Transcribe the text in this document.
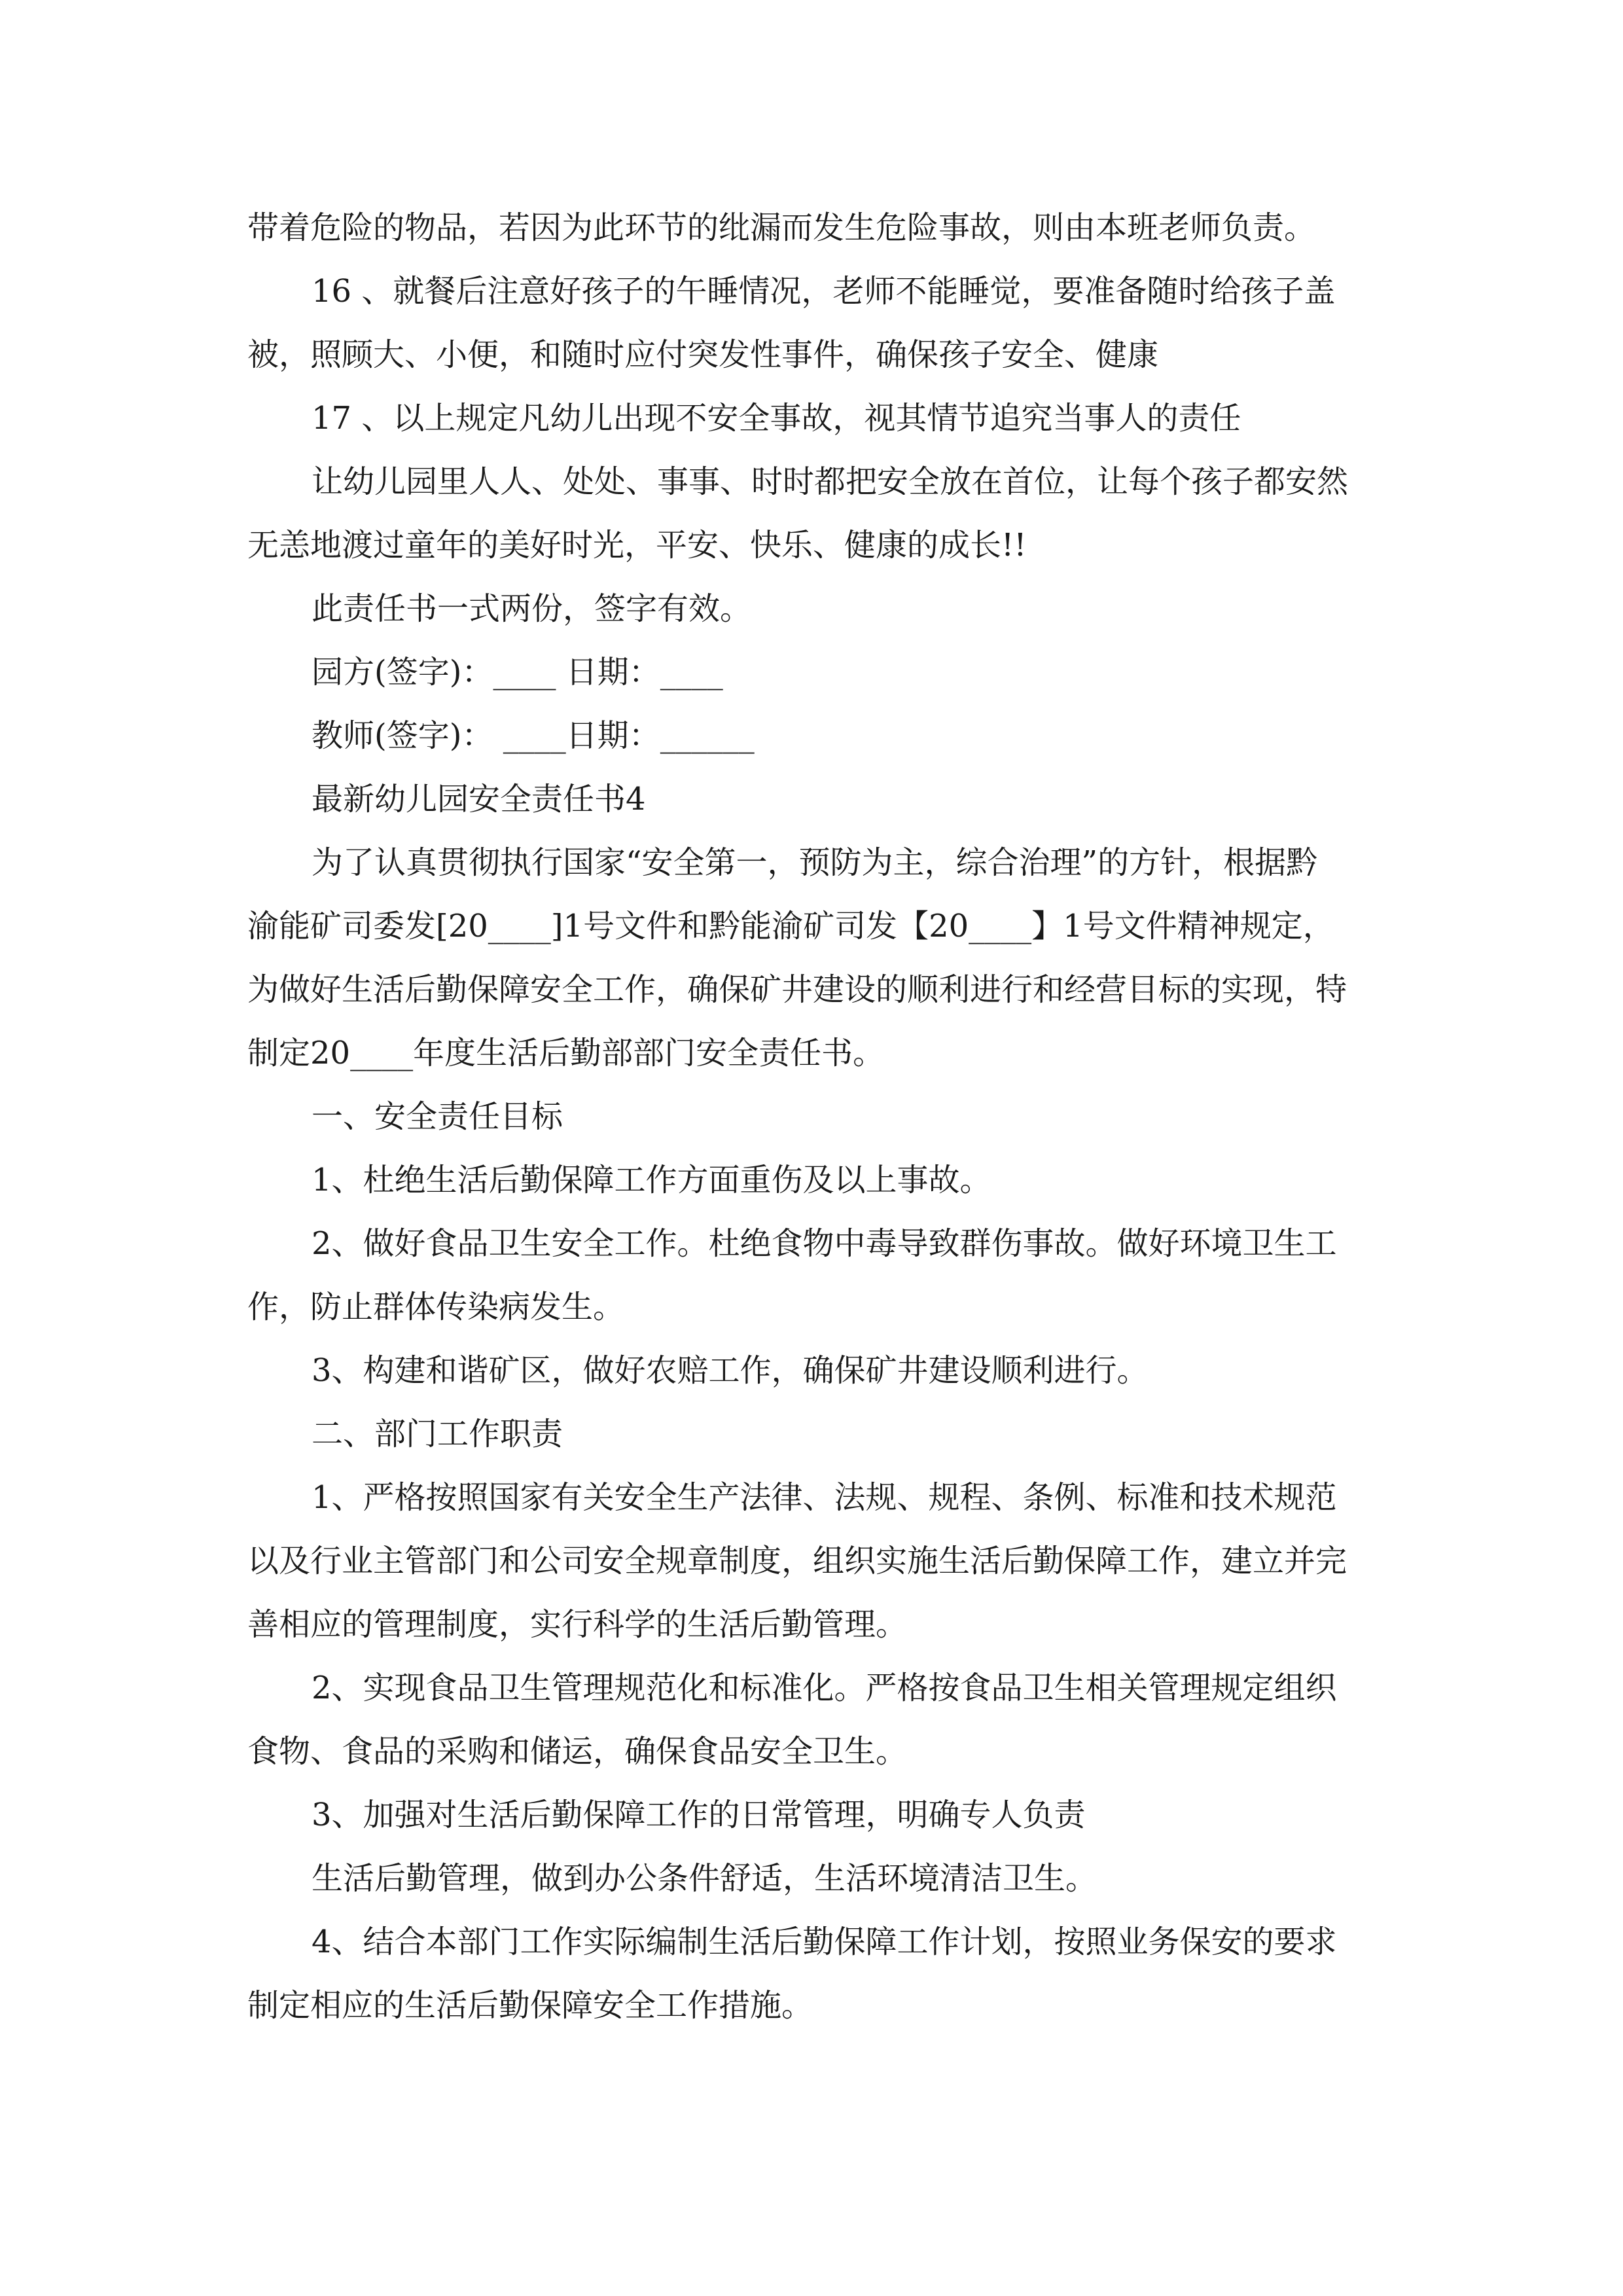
带着危险的物品，若因为此环节的纰漏而发生危险事故，则由本班老师负责。
16 、就餐后注意好孩子的午睡情况，老师不能睡觉，要准备随时给孩子盖
被，照顾大、小便，和随时应付突发性事件，确保孩子安全、健康
17 、以上规定凡幼儿出现不安全事故，视其情节追究当事人的责任
让幼儿园里人人、处处、事事、时时都把安全放在首位，让每个孩子都安然
无恙地渡过童年的美好时光，平安、快乐、健康的成长!!
此责任书一式两份，签字有效。
园方(签字)：____ 日期：____
教师(签字)： ____日期：______
最新幼儿园安全责任书4
为了认真贯彻执行国家“安全第一，预防为主，综合治理”的方针，根据黔
渝能矿司委发[20____]1号文件和黔能渝矿司发【20____】1号文件精神规定，
为做好生活后勤保障安全工作，确保矿井建设的顺利进行和经营目标的实现，特
制定20____年度生活后勤部部门安全责任书。
一、安全责任目标
1、杜绝生活后勤保障工作方面重伤及以上事故。
2、做好食品卫生安全工作。杜绝食物中毒导致群伤事故。做好环境卫生工
作，防止群体传染病发生。
3、构建和谐矿区，做好农赔工作，确保矿井建设顺利进行。
二、部门工作职责
1、严格按照国家有关安全生产法律、法规、规程、条例、标准和技术规范
以及行业主管部门和公司安全规章制度，组织实施生活后勤保障工作，建立并完
善相应的管理制度，实行科学的生活后勤管理。
2、实现食品卫生管理规范化和标准化。严格按食品卫生相关管理规定组织
食物、食品的采购和储运，确保食品安全卫生。
3、加强对生活后勤保障工作的日常管理，明确专人负责
生活后勤管理，做到办公条件舒适，生活环境清洁卫生。
4、结合本部门工作实际编制生活后勤保障工作计划，按照业务保安的要求
制定相应的生活后勤保障安全工作措施。
